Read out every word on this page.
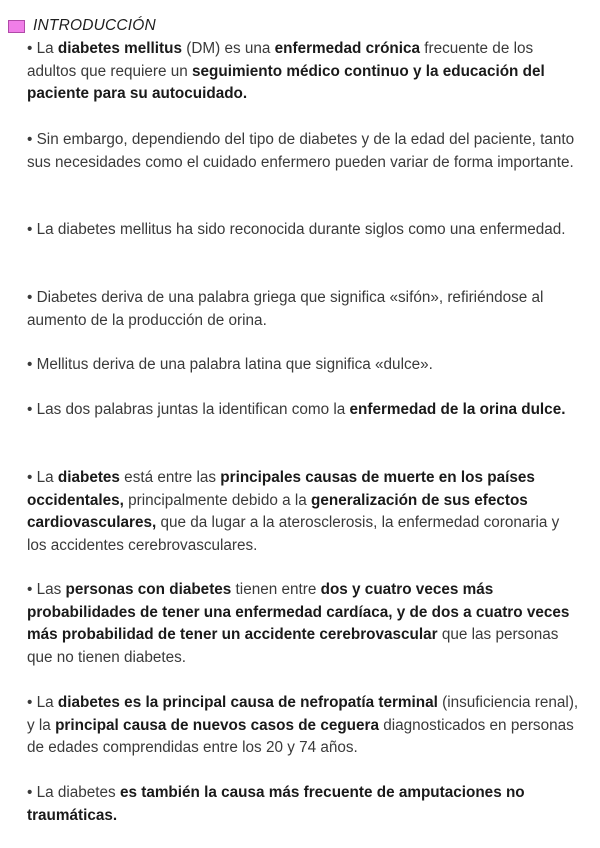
INTRODUCCIÓN

• La diabetes mellitus (DM) es una enfermedad crónica frecuente de los adultos que requiere un seguimiento médico continuo y la educación del paciente para su autocuidado.

• Sin embargo, dependiendo del tipo de diabetes y de la edad del paciente, tanto sus necesidades como el cuidado enfermero pueden variar de forma importante.

• La diabetes mellitus ha sido reconocida durante siglos como una enfermedad.

• Diabetes deriva de una palabra griega que significa «sifón», refiriéndose al aumento de la producción de orina.

• Mellitus deriva de una palabra latina que significa «dulce».

• Las dos palabras juntas la identifican como la enfermedad de la orina dulce.

• La diabetes está entre las principales causas de muerte en los países occidentales, principalmente debido a la generalización de sus efectos cardiovasculares, que da lugar a la aterosclerosis, la enfermedad coronaria y los accidentes cerebrovasculares.

• Las personas con diabetes tienen entre dos y cuatro veces más probabilidades de tener una enfermedad cardíaca, y de dos a cuatro veces más probabilidad de tener un accidente cerebrovascular que las personas que no tienen diabetes.

• La diabetes es la principal causa de nefropatía terminal (insuficiencia renal), y la principal causa de nuevos casos de ceguera diagnosticados en personas de edades comprendidas entre los 20 y 74 años.

• La diabetes es también la causa más frecuente de amputaciones no traumáticas.
